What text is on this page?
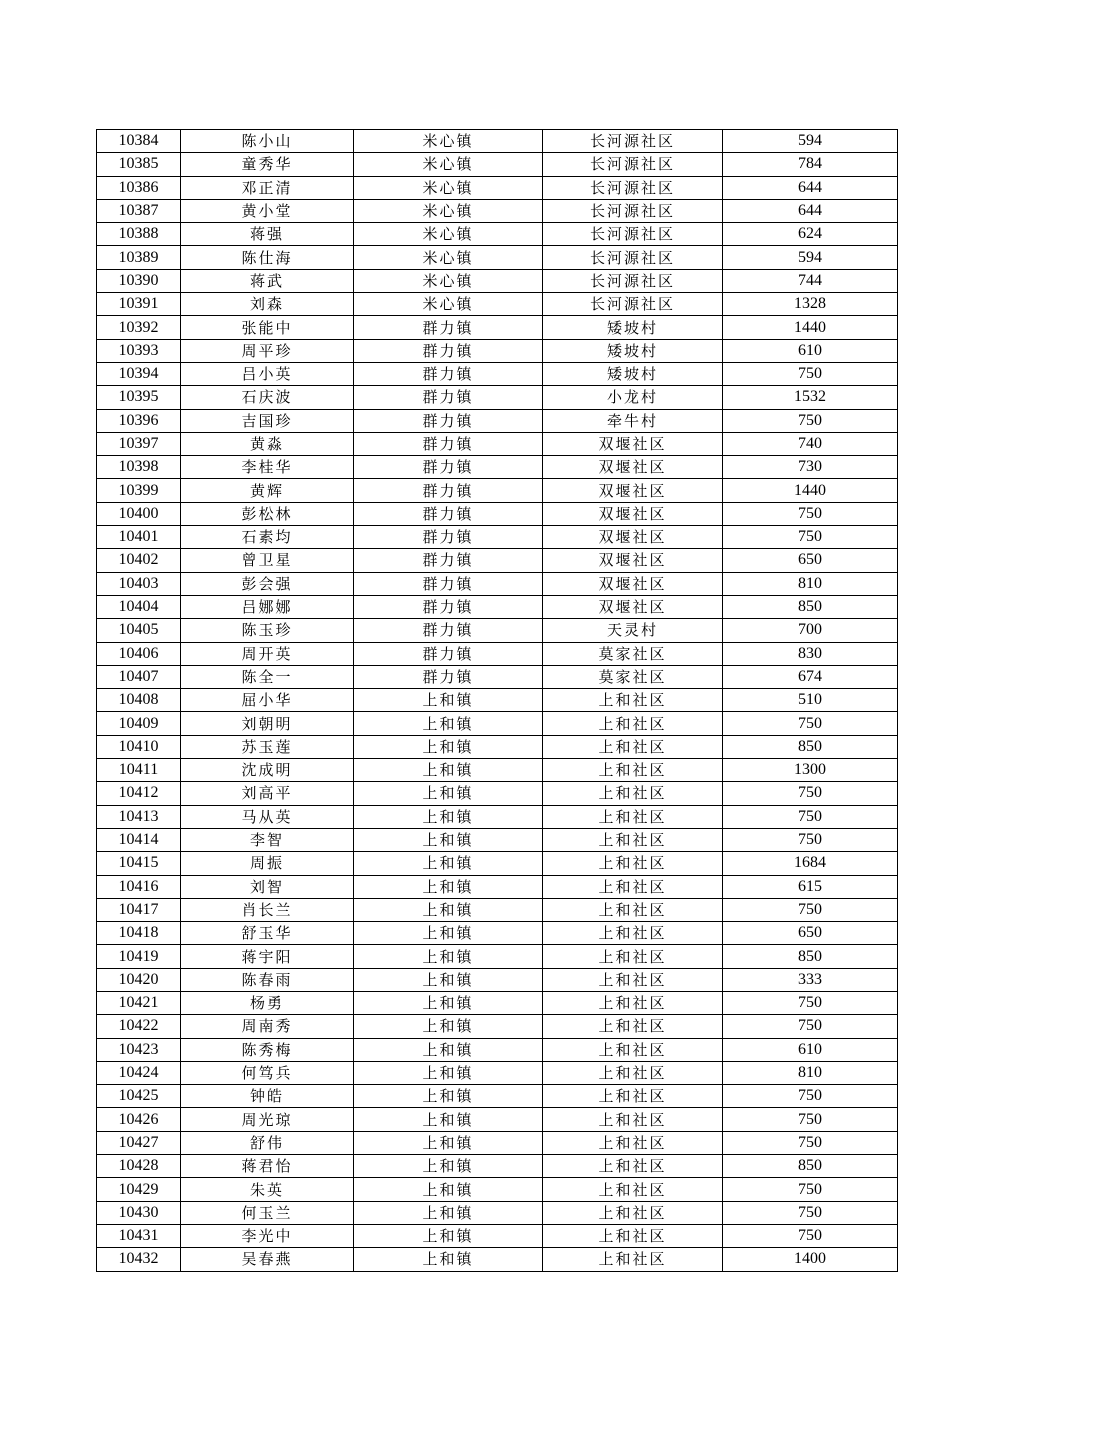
10384	陈小山	米心镇	长河源社区	594
10385	童秀华	米心镇	长河源社区	784
10386	邓正清	米心镇	长河源社区	644
10387	黄小堂	米心镇	长河源社区	644
10388	蒋强	米心镇	长河源社区	624
10389	陈仕海	米心镇	长河源社区	594
10390	蒋武	米心镇	长河源社区	744
10391	刘森	米心镇	长河源社区	1328
10392	张能中	群力镇	矮坡村	1440
10393	周平珍	群力镇	矮坡村	610
10394	吕小英	群力镇	矮坡村	750
10395	石庆波	群力镇	小龙村	1532
10396	吉国珍	群力镇	牵牛村	750
10397	黄淼	群力镇	双堰社区	740
10398	李桂华	群力镇	双堰社区	730
10399	黄辉	群力镇	双堰社区	1440
10400	彭松林	群力镇	双堰社区	750
10401	石素均	群力镇	双堰社区	750
10402	曾卫星	群力镇	双堰社区	650
10403	彭会强	群力镇	双堰社区	810
10404	吕娜娜	群力镇	双堰社区	850
10405	陈玉珍	群力镇	天灵村	700
10406	周开英	群力镇	莫家社区	830
10407	陈全一	群力镇	莫家社区	674
10408	屈小华	上和镇	上和社区	510
10409	刘朝明	上和镇	上和社区	750
10410	苏玉莲	上和镇	上和社区	850
10411	沈成明	上和镇	上和社区	1300
10412	刘高平	上和镇	上和社区	750
10413	马从英	上和镇	上和社区	750
10414	李智	上和镇	上和社区	750
10415	周振	上和镇	上和社区	1684
10416	刘智	上和镇	上和社区	615
10417	肖长兰	上和镇	上和社区	750
10418	舒玉华	上和镇	上和社区	650
10419	蒋宇阳	上和镇	上和社区	850
10420	陈春雨	上和镇	上和社区	333
10421	杨勇	上和镇	上和社区	750
10422	周南秀	上和镇	上和社区	750
10423	陈秀梅	上和镇	上和社区	610
10424	何笃兵	上和镇	上和社区	810
10425	钟皓	上和镇	上和社区	750
10426	周光琼	上和镇	上和社区	750
10427	舒伟	上和镇	上和社区	750
10428	蒋君怡	上和镇	上和社区	850
10429	朱英	上和镇	上和社区	750
10430	何玉兰	上和镇	上和社区	750
10431	李光中	上和镇	上和社区	750
10432	吴春燕	上和镇	上和社区	1400
